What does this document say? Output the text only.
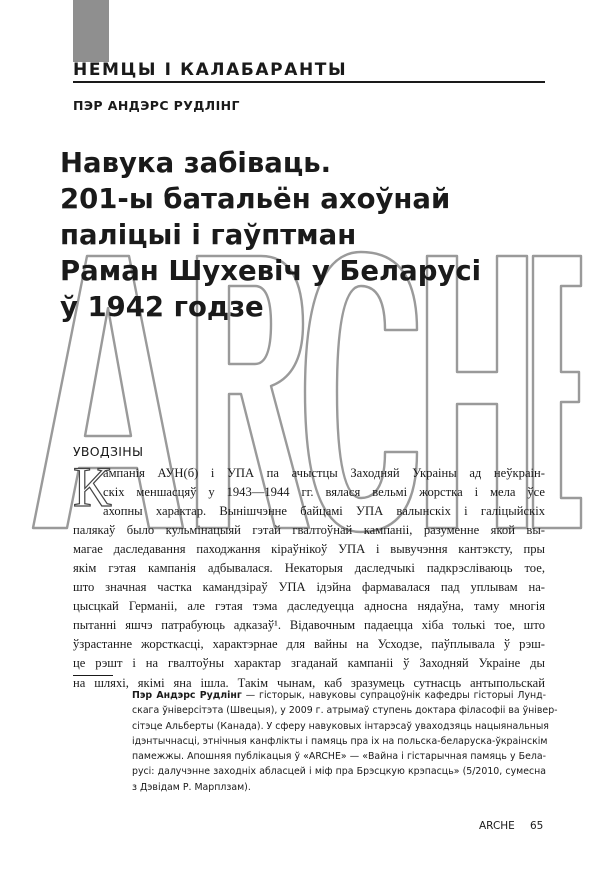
НЕМЦЫ І КАЛАБАРАНТЫ
ПЭР АНДЭРС РУДЛІНГ
Навука забіваць.
201-ы батальён ахоўнай
паліцыі і гаўптман
Раман Шухевіч у Беларусі
ў 1942 годзе
УВОДЗІНЫ
К

ампанія АУН(б) і УПА па ачыстцы Заходняй Украіны ад неўкраін-
скіх меншасцяў у 1943—1944 гг. вялася вельмі жорстка і мела ўсе
ахопны характар. Вынішчэнне байцамі УПА валынскіх і галіцыйскіх
палякаў было кульмінацыяй гэтай гвалтоўнай кампаніі, разуменне якой вы-
магае даследавання паходжання кіраўнікоў УПА і вывучэння кантэксту, пры
якім гэтая кампанія адбывалася. Некаторыя даследчыкі падкрэсліваюць тое,
што значная частка камандзіраў УПА ідэйна фармавалася пад уплывам на-
цысцкай Германіі, але гэтая тэма даследуецца адносна нядаўна, таму многія
пытанні яшчэ патрабуюць адказаў¹. Відавочным падаецца хіба толькі тое, што
ўзрастанне жорсткасці, характэрнае для вайны на Усходзе, паўплывала ў рэш-
це рэшт і на гвалтоўны характар згаданай кампаніі ў Заходняй Украіне ды
на шляхі, якімі яна ішла. Такім чынам, каб зразумець сутнасць антыпольскай

Пэр Андэрс Рудлінг — гісторык, навуковы супрацоўнік кафедры гісторыі Лунд-
скага ўніверсітэта (Швецыя), у 2009 г. атрымаў ступень доктара філасофіі ва ўнівер-
сітэце Альберты (Канада). У сферу навуковых інтарэсаў уваходзяць нацыянальныя
ідэнтычнасці, этнічныя канфлікты і памяць пра іх на польска-беларуска-ўкраінскім
памежжы. Апошняя публікацыя ў «ARCHE» — «Вайна і гістарычная памяць у Белa-
русі: далучэнне заходніх абласцей і міф пра Брэсцкую крэпасць» (5/2010, сумесна
з Дэвідам Р. Марплзам).

ARCHE 65
